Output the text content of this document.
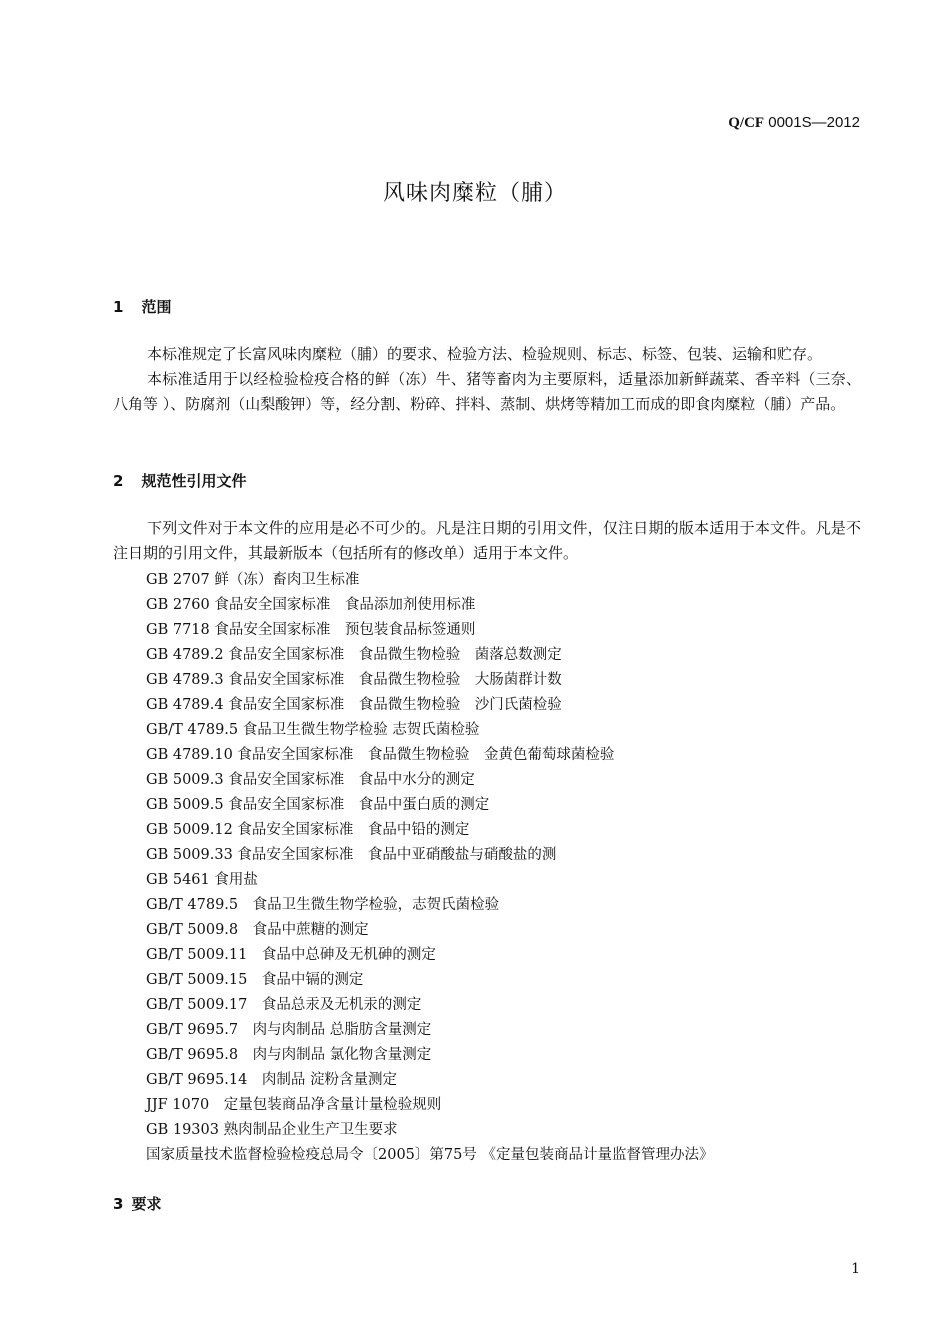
Q/CF 0001S—2012
风味肉糜粒（脯）
1 范围
本标准规定了长富风味肉糜粒（脯）的要求、检验方法、检验规则、标志、标签、包装、运输和贮存。
本标准适用于以经检验检疫合格的鲜（冻）牛、猪等畜肉为主要原料，适量添加新鲜蔬菜、香辛料（三奈、八角等 ）、防腐剂（山梨酸钾）等，经分割、粉碎、拌料、蒸制、烘烤等精加工而成的即食肉糜粒（脯）产品。
2 规范性引用文件
下列文件对于本文件的应用是必不可少的。凡是注日期的引用文件，仅注日期的版本适用于本文件。凡是不注日期的引用文件，其最新版本（包括所有的修改单）适用于本文件。
GB 2707 鲜（冻）畜肉卫生标准
GB 2760 食品安全国家标准　食品添加剂使用标准
GB 7718 食品安全国家标准　预包装食品标签通则
GB 4789.2 食品安全国家标准　食品微生物检验　菌落总数测定
GB 4789.3 食品安全国家标准　食品微生物检验　大肠菌群计数
GB 4789.4 食品安全国家标准　食品微生物检验　沙门氏菌检验
GB/T 4789.5 食品卫生微生物学检验 志贺氏菌检验
GB 4789.10 食品安全国家标准　食品微生物检验　金黄色葡萄球菌检验
GB 5009.3 食品安全国家标准　食品中水分的测定
GB 5009.5 食品安全国家标准　食品中蛋白质的测定
GB 5009.12 食品安全国家标准　食品中铅的测定
GB 5009.33 食品安全国家标准　食品中亚硝酸盐与硝酸盐的测
GB 5461 食用盐
GB/T 4789.5　食品卫生微生物学检验，志贺氏菌检验
GB/T 5009.8　食品中蔗糖的测定
GB/T 5009.11　食品中总砷及无机砷的测定
GB/T 5009.15　食品中镉的测定
GB/T 5009.17　食品总汞及无机汞的测定
GB/T 9695.7　肉与肉制品 总脂肪含量测定
GB/T 9695.8　肉与肉制品 氯化物含量测定
GB/T 9695.14　肉制品 淀粉含量测定
JJF 1070　定量包装商品净含量计量检验规则
GB 19303 熟肉制品企业生产卫生要求
国家质量技术监督检验检疫总局令〔2005〕第75号 《定量包装商品计量监督管理办法》
3 要求
1
